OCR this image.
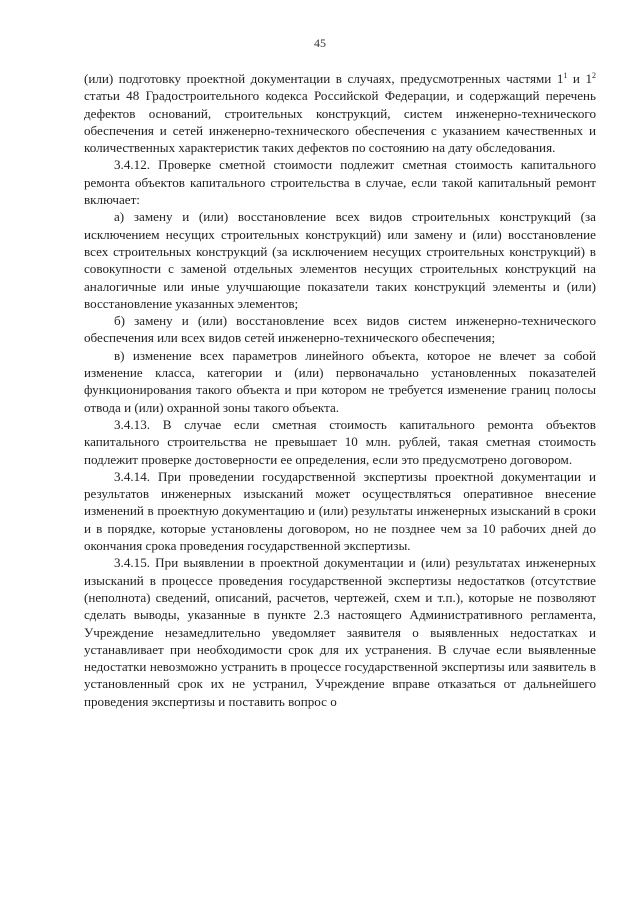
45

(или) подготовку проектной документации в случаях, предусмотренных частями $1^1$ и $1^2$ статьи 48 Градостроительного кодекса Российской Федерации, и содержащий перечень дефектов оснований, строительных конструкций, систем инженерно-технического обеспечения и сетей инженерно-технического обеспечения с указанием качественных и количественных характеристик таких дефектов по состоянию на дату обследования.

3.4.12. Проверке сметной стоимости подлежит сметная стоимость капитального ремонта объектов капитального строительства в случае, если такой капитальный ремонт включает:

а) замену и (или) восстановление всех видов строительных конструкций (за исключением несущих строительных конструкций) или замену и (или) восстановление всех строительных конструкций (за исключением несущих строительных конструкций) в совокупности с заменой отдельных элементов несущих строительных конструкций на аналогичные или иные улучшающие показатели таких конструкций элементы и (или) восстановление указанных элементов;

б) замену и (или) восстановление всех видов систем инженерно-технического обеспечения или всех видов сетей инженерно-технического обеспечения;

в) изменение всех параметров линейного объекта, которое не влечет за собой изменение класса, категории и (или) первоначально установленных показателей функционирования такого объекта и при котором не требуется изменение границ полосы отвода и (или) охранной зоны такого объекта.

3.4.13. В случае если сметная стоимость капитального ремонта объектов капитального строительства не превышает 10 млн. рублей, такая сметная стоимость подлежит проверке достоверности ее определения, если это предусмотрено договором.

3.4.14. При проведении государственной экспертизы проектной документации и результатов инженерных изысканий может осуществляться оперативное внесение изменений в проектную документацию и (или) результаты инженерных изысканий в сроки и в порядке, которые установлены договором, но не позднее чем за 10 рабочих дней до окончания срока проведения государственной экспертизы.

3.4.15. При выявлении в проектной документации и (или) результатах инженерных изысканий в процессе проведения государственной экспертизы недостатков (отсутствие (неполнота) сведений, описаний, расчетов, чертежей, схем и т.п.), которые не позволяют сделать выводы, указанные в пункте 2.3 настоящего Административного регламента, Учреждение незамедлительно уведомляет заявителя о выявленных недостатках и устанавливает при необходимости срок для их устранения. В случае если выявленные недостатки невозможно устранить в процессе государственной экспертизы или заявитель в установленный срок их не устранил, Учреждение вправе отказаться от дальнейшего проведения экспертизы и поставить вопрос о
